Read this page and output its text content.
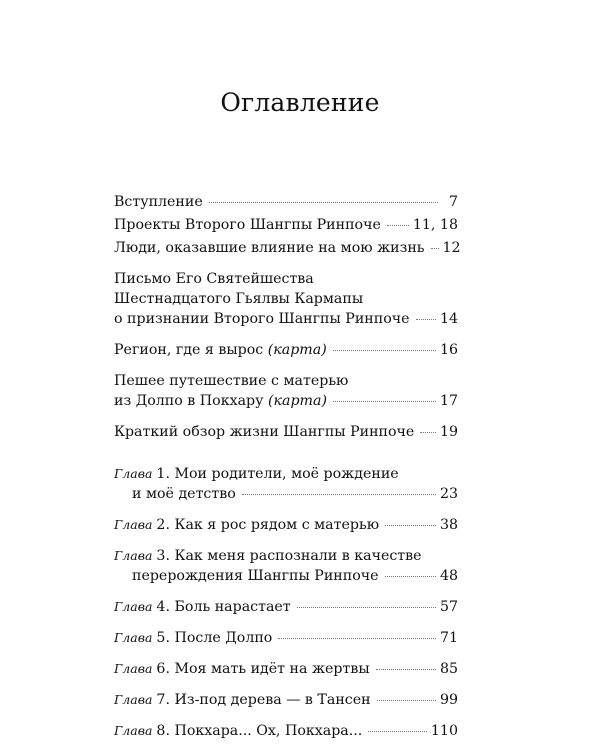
Оглавление
Вступление	7
Проекты Второго Шангпы Ринпоче 11, 18
Люди, оказавшие влияние на мою жизнь 12
Письмо Его Святейшества
Шестнадцатого Гьялвы Кармапы
о признании Второго Шангпы Ринпоче 14
Регион, где я вырос (карта)	16
Пешее путешествие с матерью
из Долпо в Покхару (карта)	17
Краткий обзор жизни Шангпы Ринпоче 19
Глава 1. Мои родители, моё рождение
и моё детство	23
Глава 2. Как я рос рядом с матерью	38
Глава 3. Как меня распознали в качестве
перерождения Шангпы Ринпоче	48
Глава 4. Боль нарастает	57
Глава 5. После Долпо	71
Глава 6. Моя мать идёт на жертвы	85
Глава 7. Из-под дерева — в Тансен	99
Глава 8. Покхара... Ох, Покхара...	110
